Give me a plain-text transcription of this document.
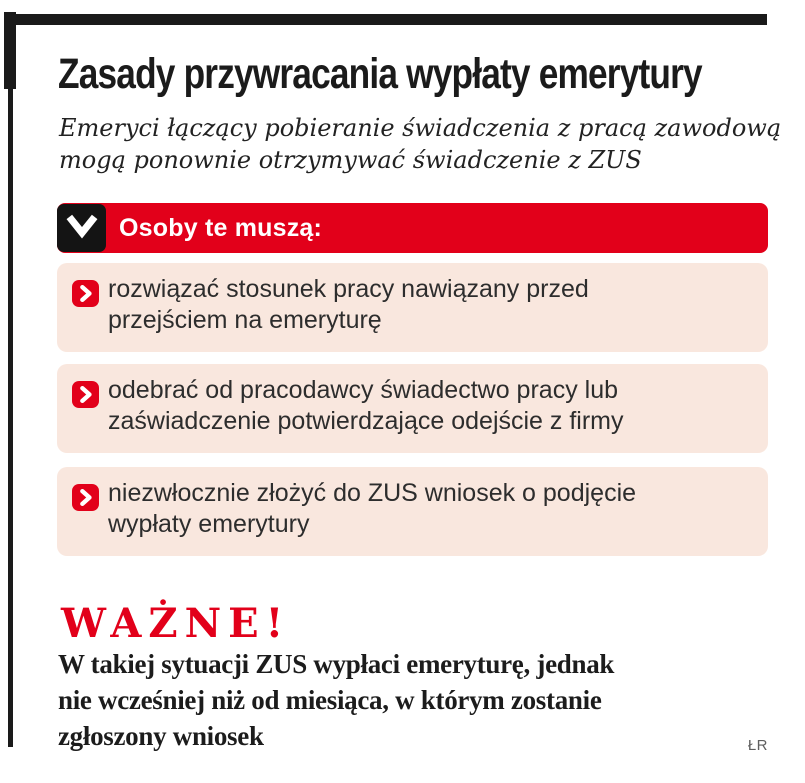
Zasady przywracania wypłaty emerytury
Emeryci łączący pobieranie świadczenia z pracą zawodową
mogą ponownie otrzymywać świadczenie z ZUS
Osoby te muszą:
rozwiązać stosunek pracy nawiązany przed
przejściem na emeryturę
odebrać od pracodawcy świadectwo pracy lub
zaświadczenie potwierdzające odejście z firmy
niezwłocznie złożyć do ZUS wniosek o podjęcie
wypłaty emerytury
WAŻNE!
W takiej sytuacji ZUS wypłaci emeryturę, jednak
nie wcześniej niż od miesiąca, w którym zostanie
zgłoszony wniosek	ŁR
